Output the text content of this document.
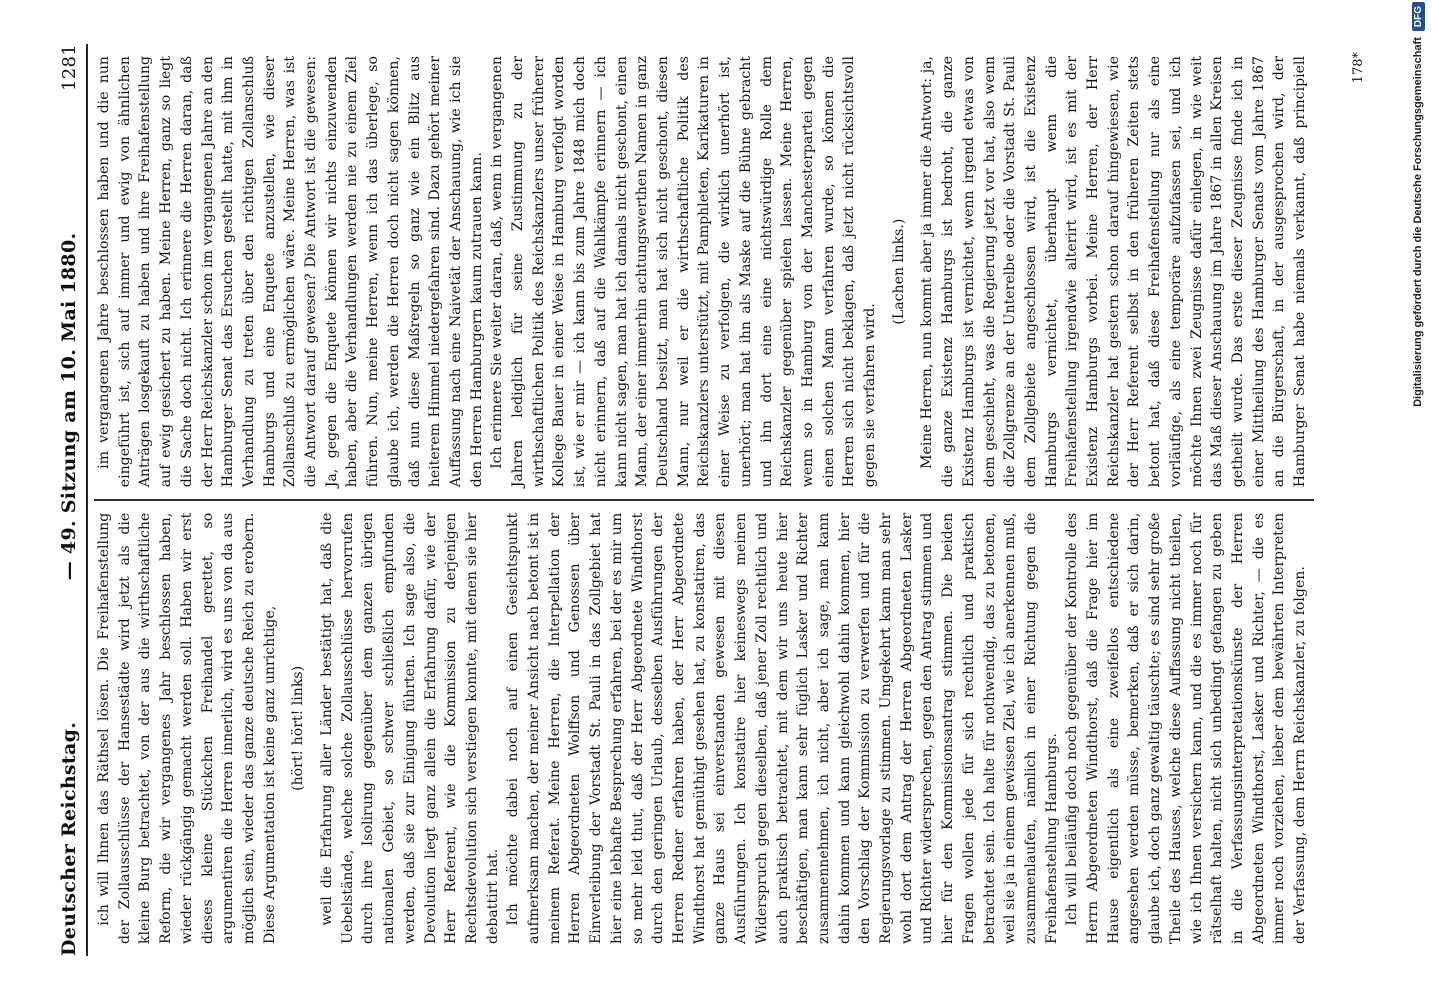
Deutscher Reichstag.
— 49. Sitzung am 10. Mai 1880.
1281

ich will Ihnen das Räthsel lösen. Die Freihafenstellung der Zollausschlüsse der Hansestädte wird jetzt als die kleine Burg betrachtet, von der aus die wirthschaftliche Reform, die wir vergangenes Jahr beschlossen haben, wieder rückgängig gemacht werden soll. Haben wir erst dieses kleine Stückchen Freihandel gerettet, so argumentiren die Herren innerlich, wird es uns von da aus möglich sein, wieder das ganze deutsche Reich zu erobern. Diese Argumentation ist keine ganz unrichtige, (hört! hört! links) weil die Erfahrung aller Länder bestätigt hat, daß die Uebelstände, welche solche Zollausschlüsse hervorrufen durch ihre Isolirung gegenüber dem ganzen übrigen nationalen Gebiet, so schwer schließlich empfunden werden, daß sie zur Einigung führten. Ich sage also, die Devolution liegt ganz allein die Erfahrung dafür, wie der Herr Referent, wie die Kommission zu derjenigen Rechtsdevolution sich verstiegen konnte, mit denen sie hier debattirt hat. Ich möchte dabei noch auf einen Gesichtspunkt aufmerksam machen, der meiner Ansicht nach betont ist in meinem Referat. Meine Herren, die Interpellation der Herren Abgeordneten Wolffson und Genossen über Einverleibung der Vorstadt St. Pauli in das Zollgebiet hat hier eine lebhafte Besprechung erfahren, bei der es mir um so mehr leid thut, daß der Herr Abgeordnete Windthorst durch den geringen Urlaub, desselben Ausführungen der Herren Redner erfahren haben, der Herr Abgeordnete Windthorst hat gemüthigt gesehen hat, zu konstatiren, das ganze Haus sei einverstanden gewesen mit diesen Ausführungen. Ich konstatire hier keineswegs meinen Widerspruch gegen dieselben, daß jener Zoll rechtlich und auch praktisch betrachtet, mit dem wir uns heute hier beschäftigen, man kann sehr füglich Lasker und Richter zusammennehmen, ich nicht, aber ich sage, man kann dahin kommen und kann gleichwohl dahin kommen, hier den Vorschlag der Kommission zu verwerfen und für die Regierungsvorlage zu stimmen. Umgekehrt kann man sehr wohl dort dem Antrag der Herren Abgeordneten Lasker und Richter widersprechen, gegen den Antrag stimmen und hier für den Kommissionsantrag stimmen. Die beiden Fragen wollen jede für sich rechtlich und praktisch betrachtet sein. Ich halte für nothwendig, das zu betonen, weil sie ja in einem gewissen Ziel, wie ich anerkennen muß, zusammenlaufen, nämlich in einer Richtung gegen die Freihafenstellung Hamburgs. Ich will beiläufig doch noch gegenüber der Kontrolle des Herrn Abgeordneten Windthorst, daß die Frage hier im Hause eigentlich als eine zweifellos entschiedene angesehen werden müsse, bemerken, daß er sich darin, glaube ich, doch ganz gewaltig täuschte; es sind sehr große Theile des Hauses, welche diese Auffassung nicht theilen, wie ich Ihnen versichern kann, und die es immer noch für rätselhaft halten, nicht sich unbedingt gefangen zu geben in die Verfassungsinterpretationskünste der Herren Abgeordneten Windthorst, Lasker und Richter, — die es immer noch vorziehen, lieber dem bewährten Interpreten der Verfassung, dem Herrn Reichskanzler, zu folgen.

im vergangenen Jahre beschlossen haben und die nun eingeführt ist, sich auf immer und ewig von ähnlichen Anträgen losgekauft zu haben und ihre Freihafenstellung auf ewig gesichert zu haben. Meine Herren, ganz so liegt die Sache doch nicht. Ich erinnere die Herren daran, daß der Herr Reichskanzler schon im vergangenen Jahre an den Hamburger Senat das Ersuchen gestellt hatte, mit ihm in Verhandlung zu treten über den richtigen Zollanschluß Hamburgs und eine Enquete anzustellen, wie dieser Zollanschluß zu ermöglichen wäre. Meine Herren, was ist die Antwort darauf gewesen? Die Antwort ist die gewesen: Ja, gegen die Enquete können wir nichts einzuwenden haben, aber die Verhandlungen werden nie zu einem Ziel führen. Nun, meine Herren, wenn ich das überlege, so glaube ich, werden die Herren doch nicht sagen können, daß nun diese Maßregeln so ganz wie ein Blitz aus heiterem Himmel niedergefahren sind. Dazu gehört meiner Auffassung nach eine Naivetät der Anschauung, wie ich sie den Herren Hamburgern kaum zutrauen kann. Ich erinnere Sie weiter daran, daß, wenn in vergangenen Jahren lediglich für seine Zustimmung zu der wirthschaftlichen Politik des Reichskanzlers unser früherer Kollege Bauer in einer Weise in Hamburg verfolgt worden ist, wie er mir — ich kann bis zum Jahre 1848 mich doch nicht erinnern, daß auf die Wahlkämpfe erinnern — ich kann nicht sagen, man hat ich damals nicht geschont, einen Mann, der einer immerhin achtungswerthen Namen in ganz Deutschland besitzt, man hat sich nicht geschont, diesen Mann, nur weil er die wirthschaftliche Politik des Reichskanzlers unterstützt, mit Pamphleten, Karikaturen in einer Weise zu verfolgen, die wirklich unerhört ist, unerhört; man hat ihn als Maske auf die Bühne gebracht und ihn dort eine eine nichtswürdige Rolle dem Reichskanzler gegenüber spielen lassen. Meine Herren, wenn so in Hamburg von der Manchesterpartei gegen einen solchen Mann verfahren wurde, so können die Herren sich nicht beklagen, daß jetzt nicht rücksichtsvoll gegen sie verfahren wird.

(Lachen links.)

Meine Herren, nun kommt aber ja immer die Antwort: ja, die ganze Existenz Hamburgs ist bedroht, die ganze Existenz Hamburgs ist vernichtet, wenn irgend etwas von dem geschieht, was die Regierung jetzt vor hat, also wenn die Zollgrenze an der Unterelbe oder die Vorstadt St. Pauli dem Zollgebiete angeschlossen wird, ist die Existenz Hamburgs vernichtet, überhaupt wenn die Freihafenstellung irgendwie alterirt wird, ist es mit der Existenz Hamburgs vorbei. Meine Herren, der Herr Reichskanzler hat gestern schon darauf hingewiesen, wie der Herr Referent selbst in den früheren Zeiten stets betont hat, daß diese Freihafenstellung nur als eine vorläufige, als eine temporäre aufzufassen sei, und ich möchte Ihnen zwei Zeugnisse dafür einlegen, in wie weit das Maß dieser Anschauung im Jahre 1867 in allen Kreisen getheilt wurde. Das erste dieser Zeugnisse finde ich in einer Mittheilung des Hamburger Senats vom Jahre 1867 an die Bürgerschaft, in der ausgesprochen wird, der Hamburger Senat habe niemals verkannt, daß principiell	178*	Digitalisierung gefördert durch die Deutsche Forschungsgemeinschaft
DFG
